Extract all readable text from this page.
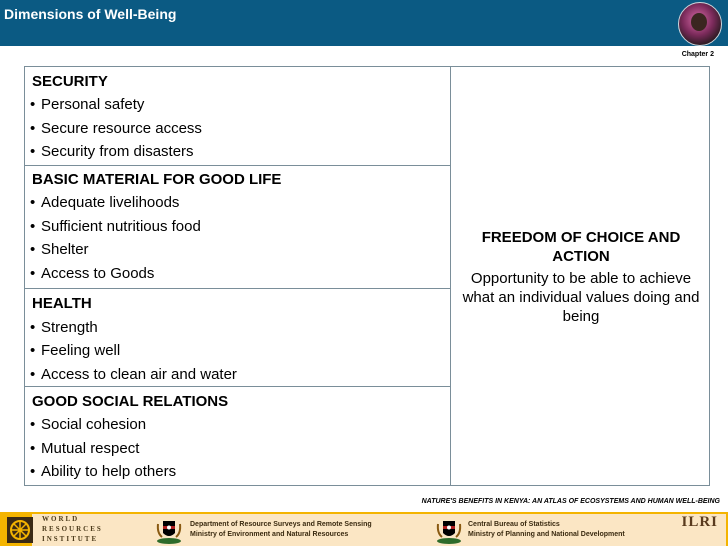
Dimensions of Well-Being
Chapter 2
SECURITY
• Personal safety
• Secure resource access
• Security from disasters
BASIC MATERIAL FOR GOOD LIFE
• Adequate livelihoods
• Sufficient nutritious food
• Shelter
• Access to Goods
HEALTH
• Strength
• Feeling well
• Access to clean air and water
GOOD SOCIAL RELATIONS
• Social cohesion
• Mutual respect
• Ability to help others
FREEDOM OF CHOICE AND ACTION
Opportunity to be able to achieve what an individual values doing and being
NATURE'S BENEFITS IN KENYA: AN ATLAS OF ECOSYSTEMS AND HUMAN WELL-BEING
WORLD
RESOURCES
INSTITUTE
Department of Resource Surveys and Remote Sensing
Ministry of Environment and Natural Resources
Central Bureau of Statistics
Ministry of Planning and National Development
ILRI
